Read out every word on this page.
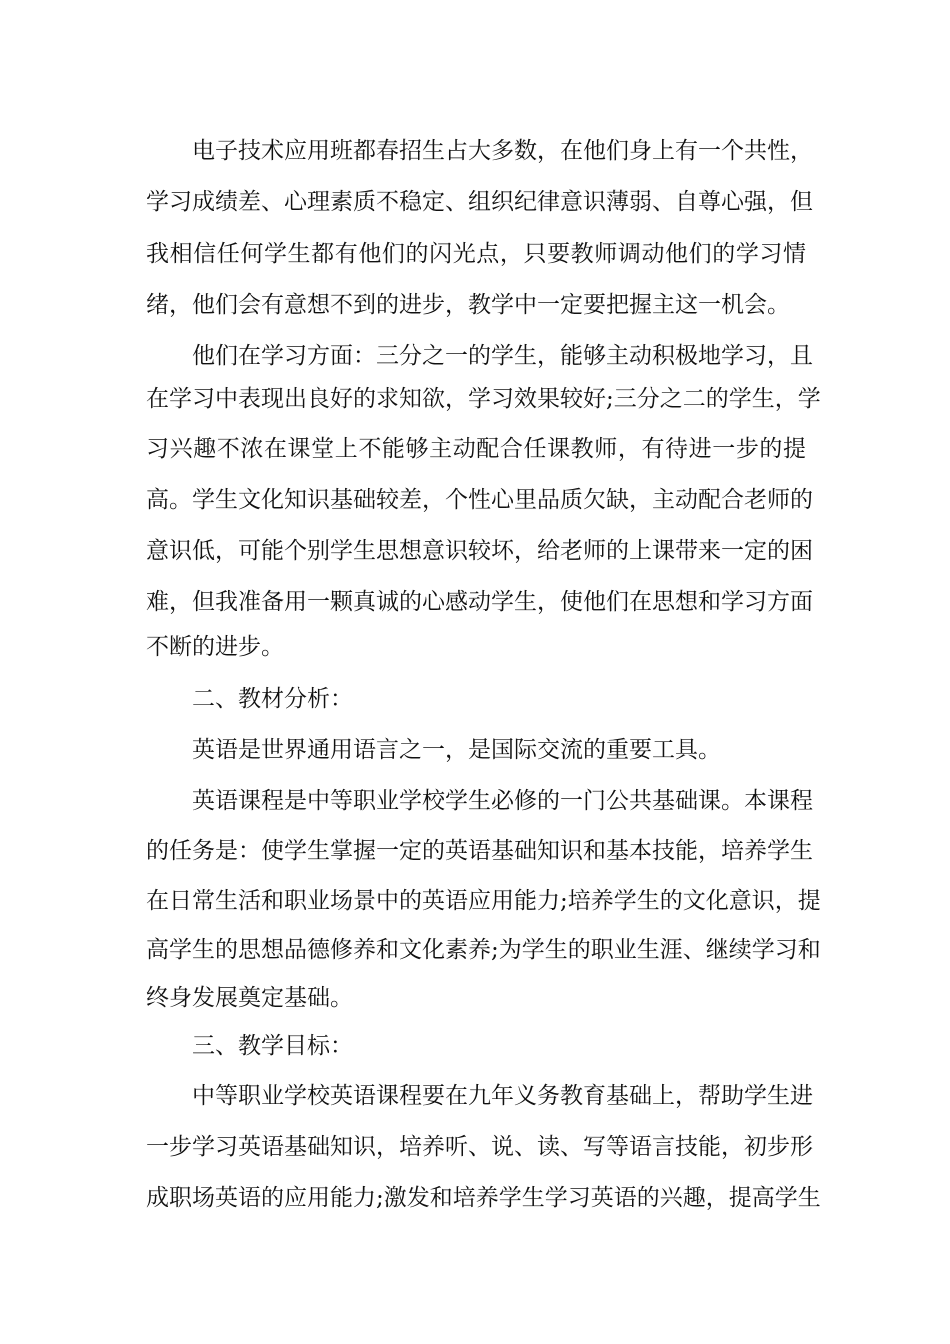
电子技术应用班都春招生占大多数，在他们身上有一个共性，
学习成绩差、心理素质不稳定、组织纪律意识薄弱、自尊心强，但
我相信任何学生都有他们的闪光点，只要教师调动他们的学习情
绪，他们会有意想不到的进步，教学中一定要把握主这一机会。
他们在学习方面：三分之一的学生，能够主动积极地学习，且
在学习中表现出良好的求知欲，学习效果较好;三分之二的学生，学
习兴趣不浓在课堂上不能够主动配合任课教师，有待进一步的提
高。学生文化知识基础较差，个性心里品质欠缺，主动配合老师的
意识低，可能个别学生思想意识较坏，给老师的上课带来一定的困
难，但我准备用一颗真诚的心感动学生，使他们在思想和学习方面
不断的进步。
二、教材分析：
英语是世界通用语言之一，是国际交流的重要工具。
英语课程是中等职业学校学生必修的一门公共基础课。本课程
的任务是：使学生掌握一定的英语基础知识和基本技能，培养学生
在日常生活和职业场景中的英语应用能力;培养学生的文化意识，提
高学生的思想品德修养和文化素养;为学生的职业生涯、继续学习和
终身发展奠定基础。
三、教学目标：
中等职业学校英语课程要在九年义务教育基础上，帮助学生进
一步学习英语基础知识，培养听、说、读、写等语言技能，初步形
成职场英语的应用能力;激发和培养学生学习英语的兴趣，提高学生
